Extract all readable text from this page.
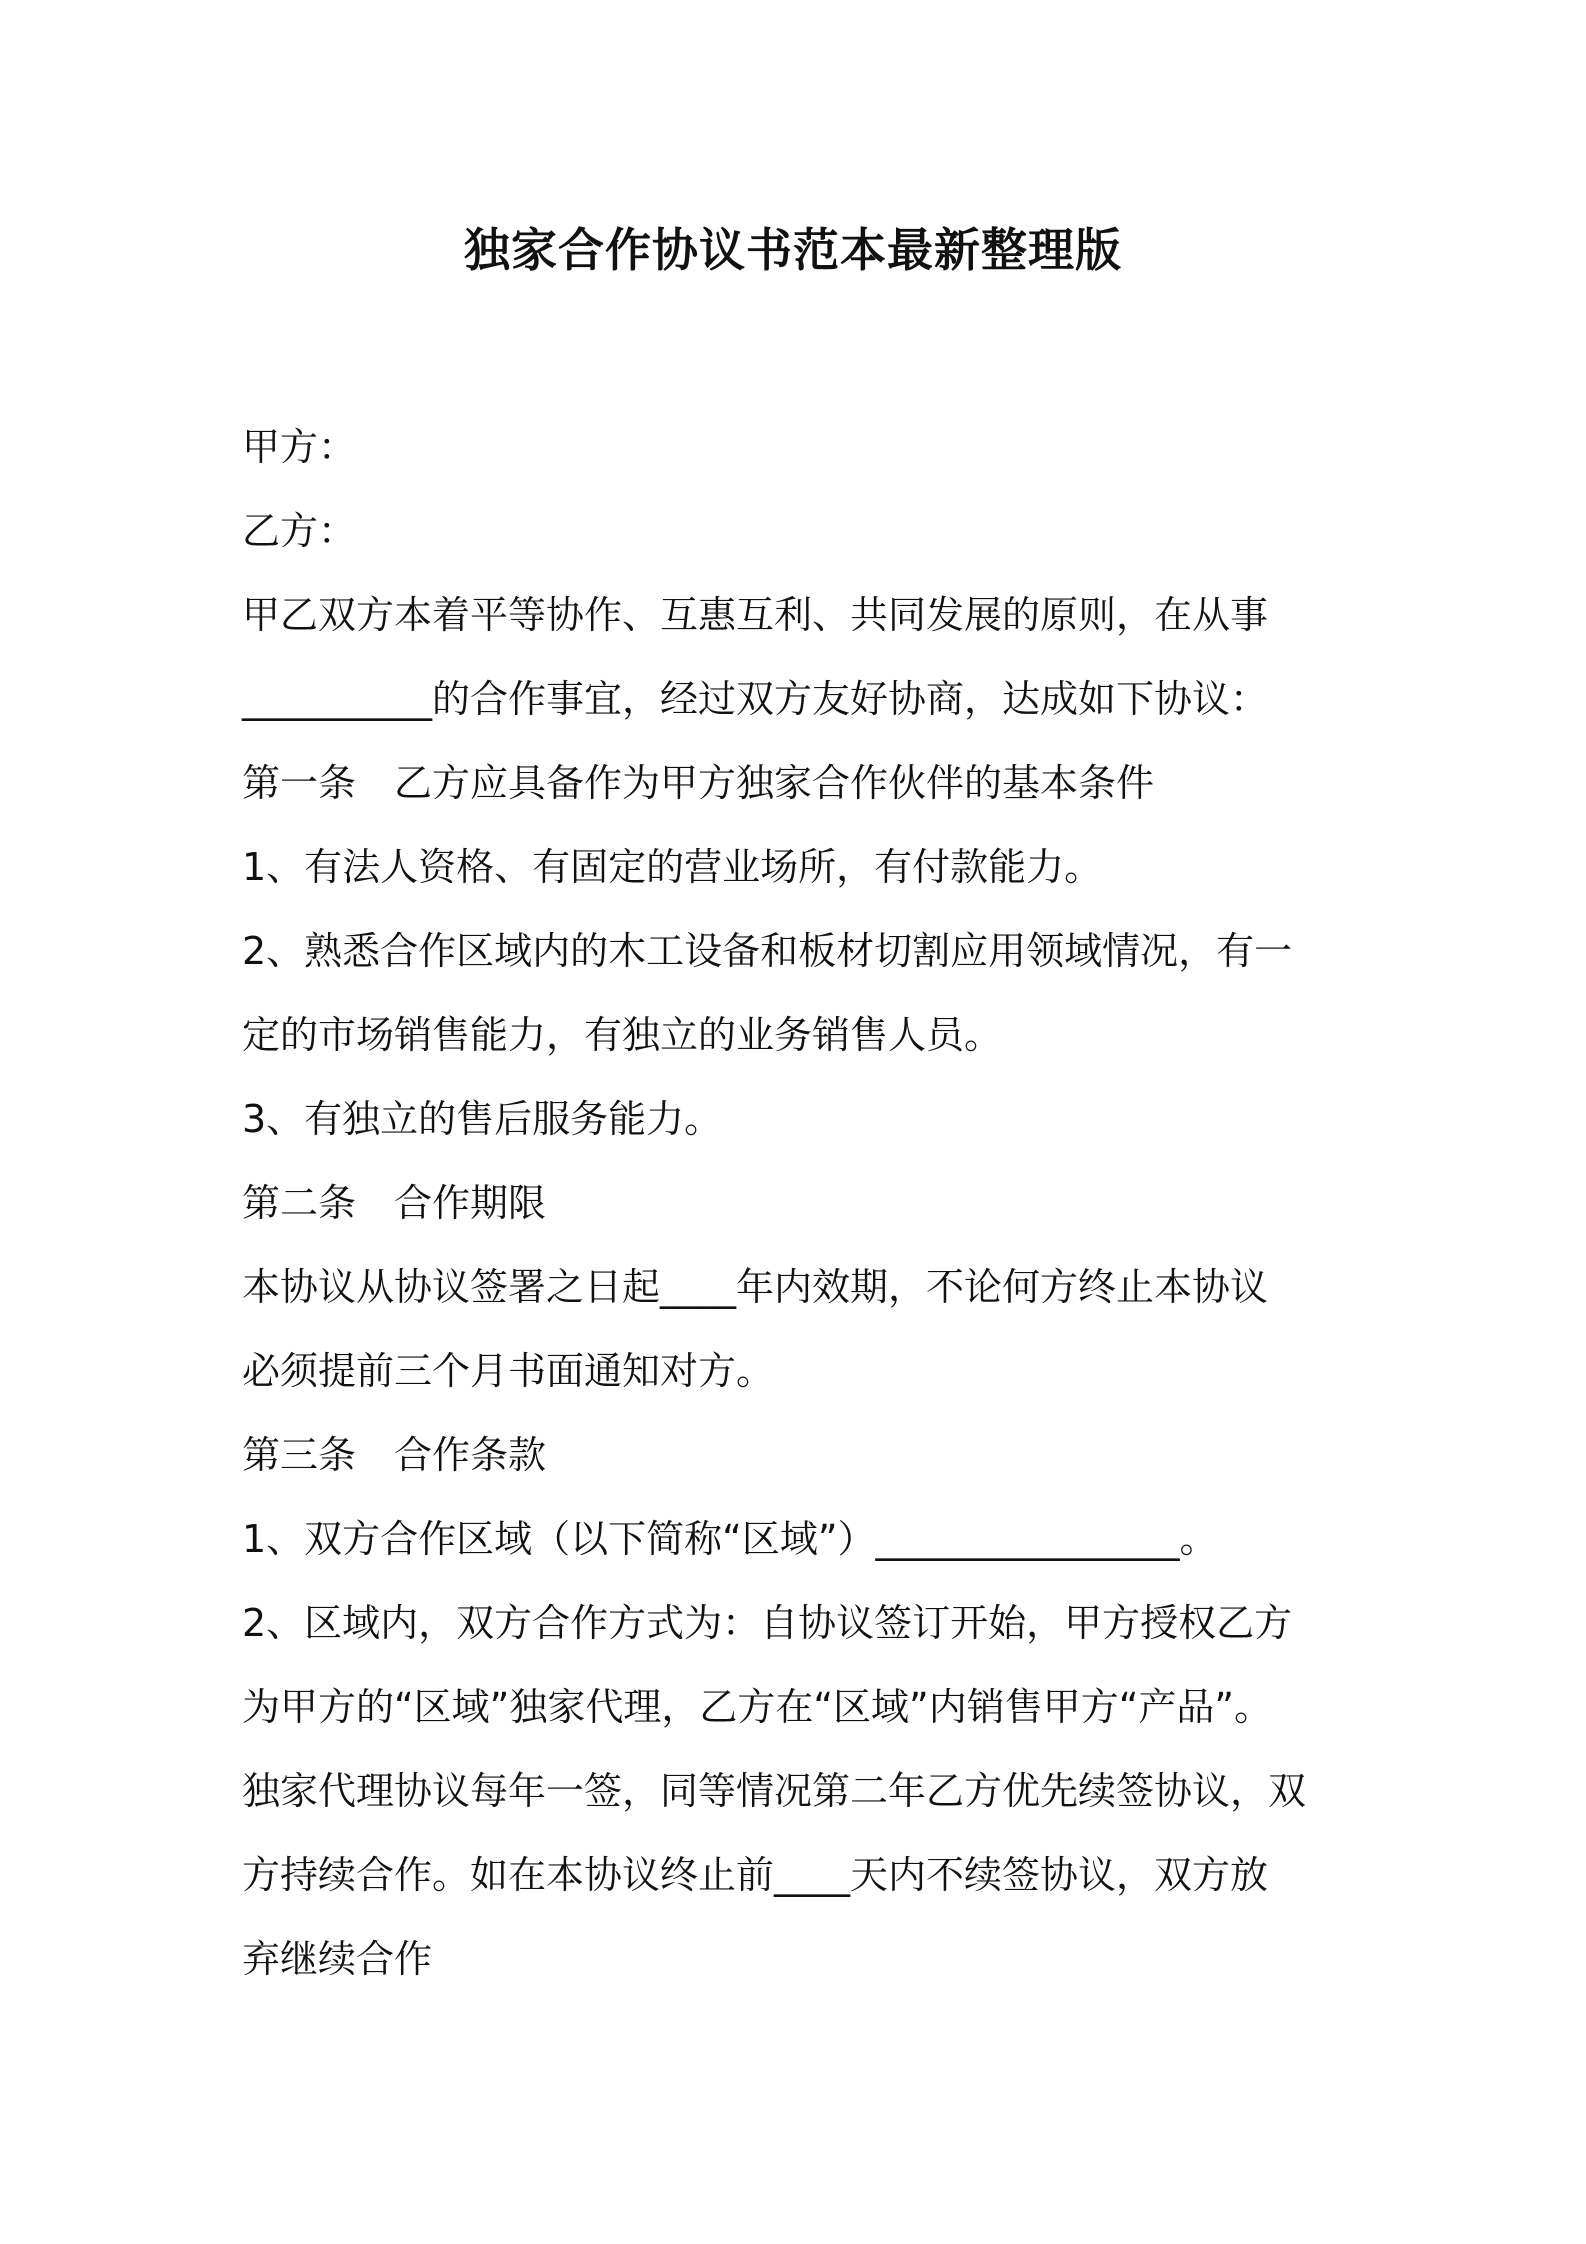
独家合作协议书范本最新整理版
甲方：
乙方：
甲乙双方本着平等协作、互惠互利、共同发展的原则，在从事
__________的合作事宜，经过双方友好协商，达成如下协议：
第一条　乙方应具备作为甲方独家合作伙伴的基本条件
1、有法人资格、有固定的营业场所，有付款能力。
2、熟悉合作区域内的木工设备和板材切割应用领域情况，有一
定的市场销售能力，有独立的业务销售人员。
3、有独立的售后服务能力。
第二条　合作期限
本协议从协议签署之日起____年内效期，不论何方终止本协议
必须提前三个月书面通知对方。
第三条　合作条款
1、双方合作区域（以下简称“区域”）________________。
2、区域内，双方合作方式为：自协议签订开始，甲方授权乙方
为甲方的“区域”独家代理，乙方在“区域”内销售甲方“产品”。
独家代理协议每年一签，同等情况第二年乙方优先续签协议，双
方持续合作。如在本协议终止前____天内不续签协议，双方放
弃继续合作
